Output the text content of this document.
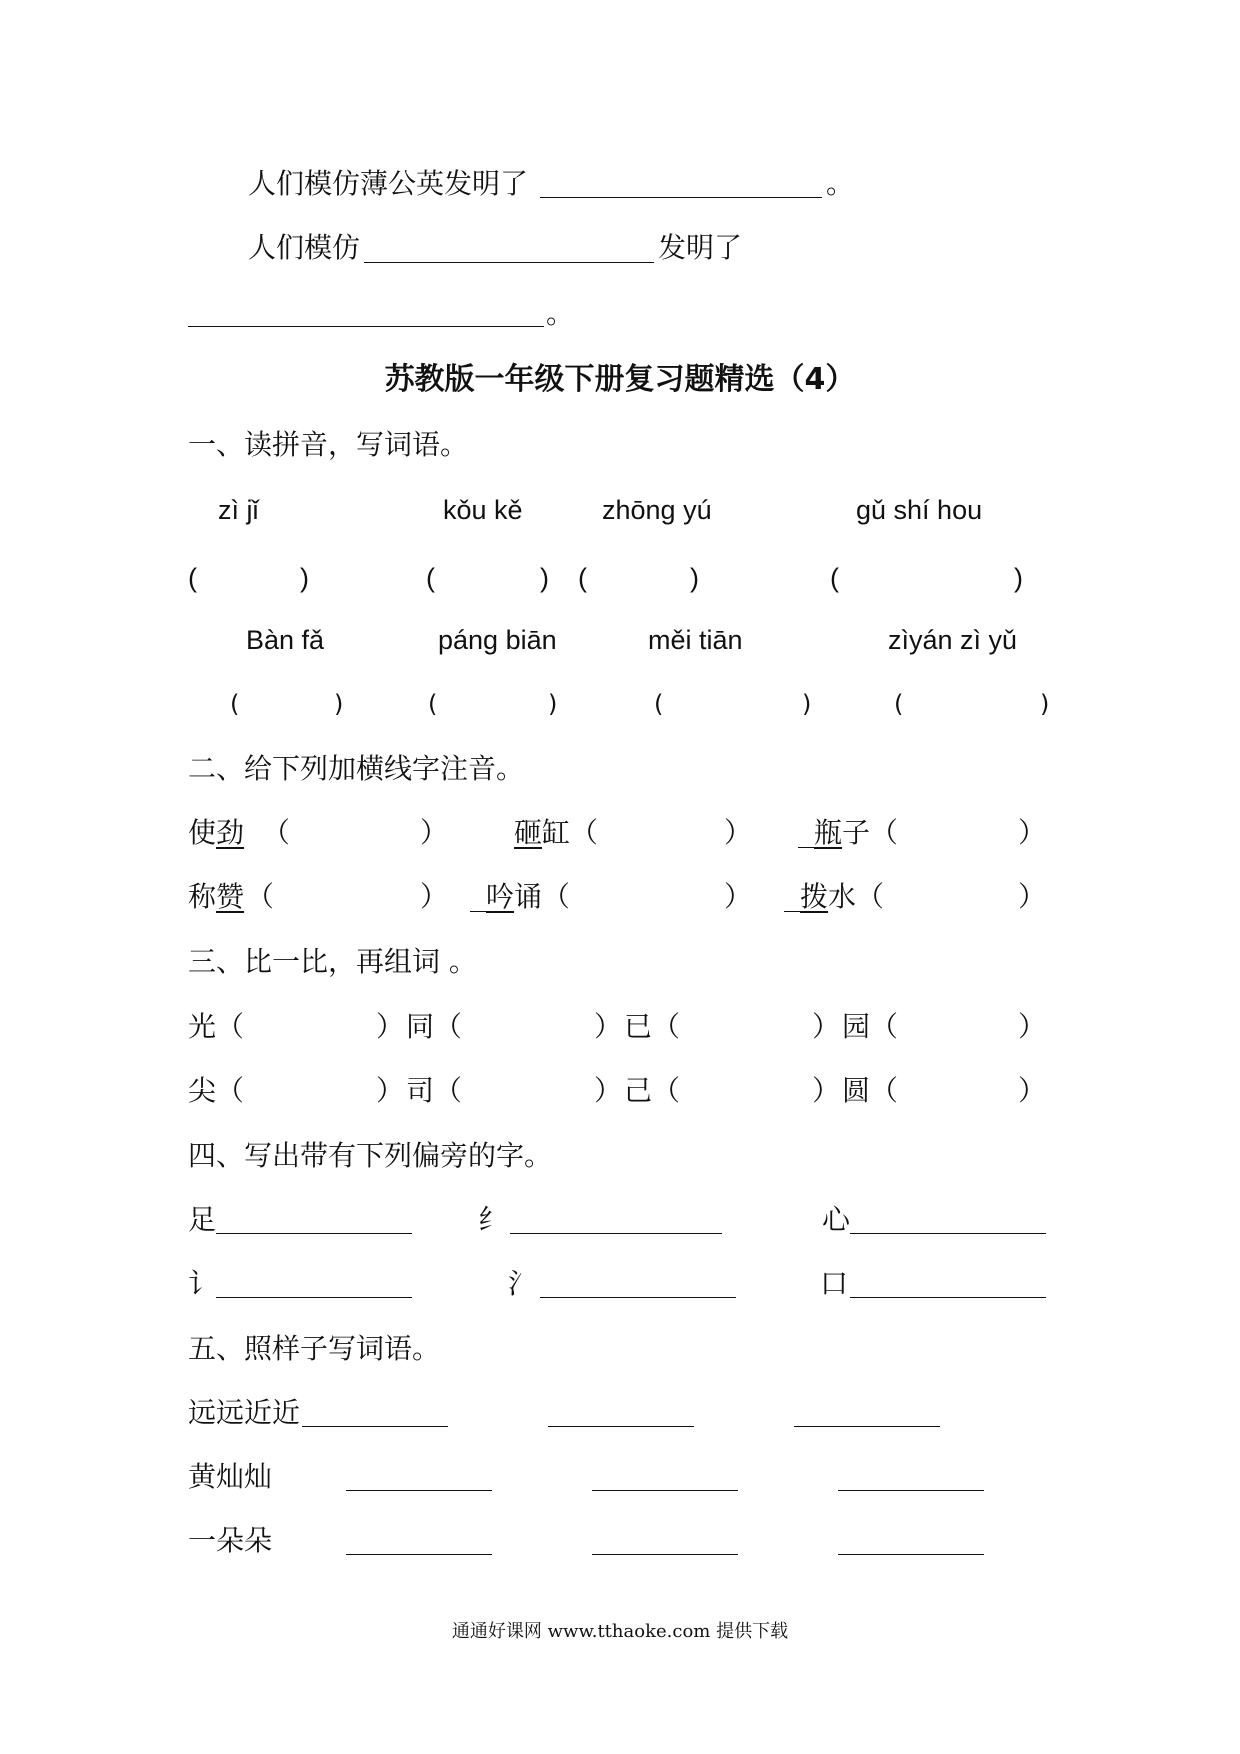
人们模仿薄公英发明了	。
人们模仿	发明了
。
苏教版一年级下册复习题精选（4）
一、读拼音，写词语。
zì jǐ	kǒu kě	zhōng yú	gǔ shí hou
(	)	(	) (	)	(	)
Bàn fǎ	páng biān	měi tiān	zìyán zì yǔ
(	)	(	)	(	)	(	)
二、给下列加横线字注音。
使劲 （	） 砸缸 （	） 瓶子 （	）
称赞 （	） 吟诵 （	） 拨水 （	）
三、比一比，再组词 。
光 （	） 同 （	） 已 （	） 园 （	）
尖 （	） 司 （	） 己 （	） 圆 （	）
四、写出带有下列偏旁的字。
足	纟	心
讠	氵	口
五、照样子写词语。
远远近近
黄灿灿
一朵朵
通通好课网 www.tthaoke.com 提供下载
